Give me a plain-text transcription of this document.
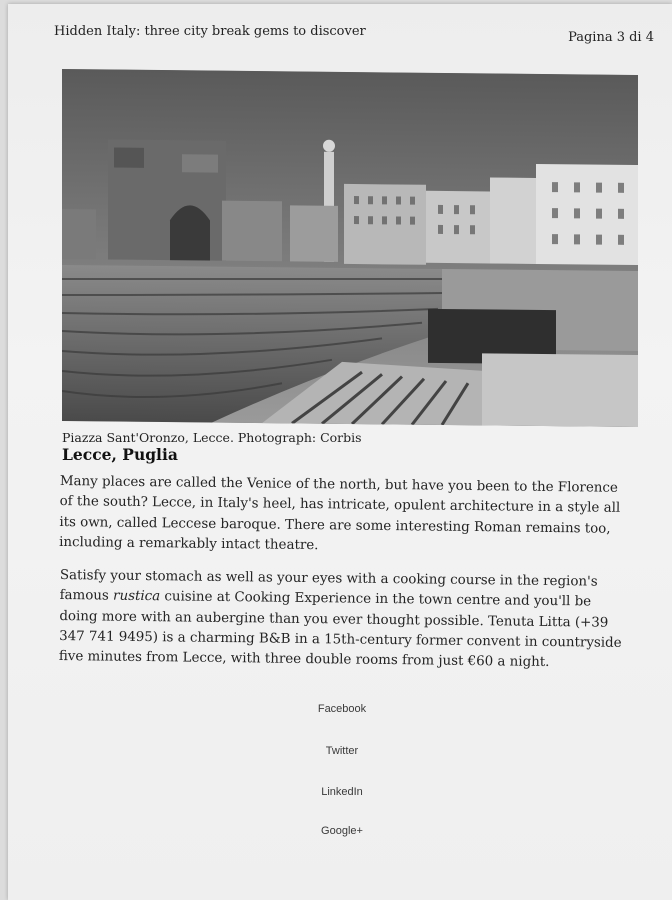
Hidden Italy: three city break gems to discover	Pagina 3 di 4
Piazza Sant'Oronzo, Lecce. Photograph: Corbis
Lecce, Puglia

Many places are called the Venice of the north, but have you been to the Florence of the south? Lecce, in Italy's heel, has intricate, opulent architecture in a style all its own, called Leccese baroque. There are some interesting Roman remains too, including a remarkably intact theatre.

Satisfy your stomach as well as your eyes with a cooking course in the region's famous rustica cuisine at Cooking Experience in the town centre and you'll be doing more with an aubergine than you ever thought possible. Tenuta Litta (+39 347 741 9495) is a charming B&B in a 15th-century former convent in countryside five minutes from Lecce, with three double rooms from just €60 a night.

Facebook
Twitter
LinkedIn
Google+
